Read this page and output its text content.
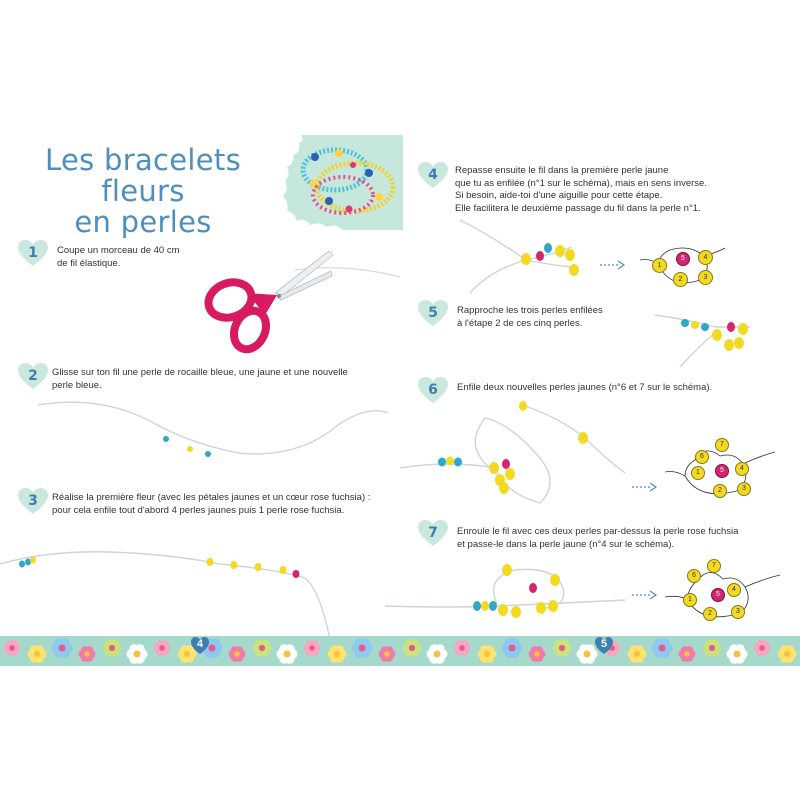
Les bracelets fleurs
en perles
1	Coupe un morceau de 40 cm
de fil élastique.

2	Glisse sur ton fil une perle de rocaille bleue, une jaune et une nouvelle
perle bleue.

3	Réalise la première fleur (avec les pétales jaunes et un cœur rose fuchsia) :
pour cela enfile tout d'abord 4 perles jaunes puis 1 perle rose fuchsia.

4	Repasse ensuite le fil dans la première perle jaune
que tu as enfilée (n°1 sur le schéma), mais en sens inverse.
Si besoin, aide-toi d'une aiguille pour cette étape.
Elle facilitera le deuxième passage du fil dans la perle n°1.

1
2	3
4
5
5	Rapproche les trois perles enfilées
à l'étape 2 de ces cinq perles.

6	Enfile deux nouvelles perles jaunes (n°6 et 7 sur le schéma).

1
2	3
4
5
6
7
7	Enroule le fil avec ces deux perles par-dessus la perle rose fuchsia
et passe-le dans la perle jaune (n°4 sur le schéma).

1
2	3
4
5
6
7
4	5
